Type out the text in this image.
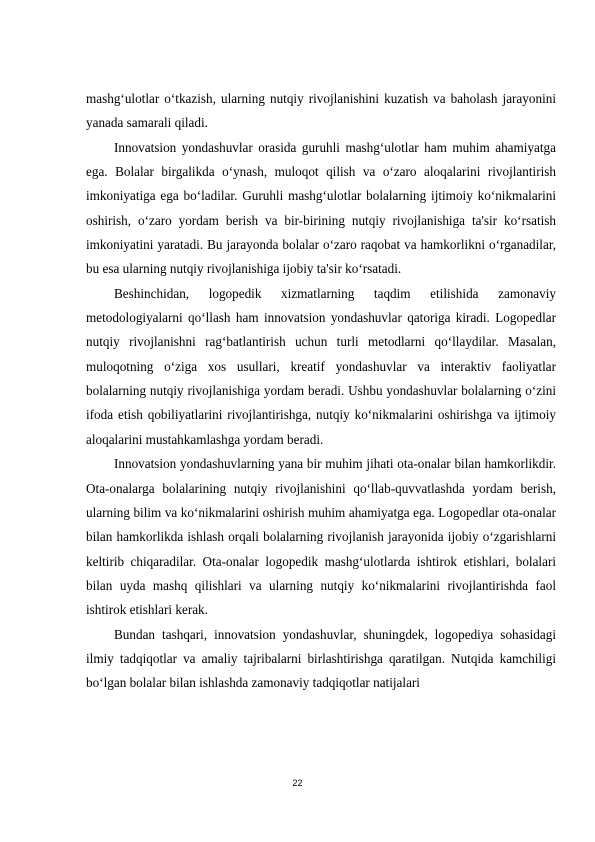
mashg‘ulotlar o‘tkazish, ularning nutqiy rivojlanishini kuzatish va baholash jarayonini yanada samarali qiladi.

Innovatsion yondashuvlar orasida guruhli mashg‘ulotlar ham muhim ahamiyatga ega. Bolalar birgalikda o‘ynash, muloqot qilish va o‘zaro aloqalarini rivojlantirish imkoniyatiga ega bo‘ladilar. Guruhli mashg‘ulotlar bolalarning ijtimoiy ko‘nikmalarini oshirish, o‘zaro yordam berish va bir-birining nutqiy rivojlanishiga ta'sir ko‘rsatish imkoniyatini yaratadi. Bu jarayonda bolalar o‘zaro raqobat va hamkorlikni o‘rganadilar, bu esa ularning nutqiy rivojlanishiga ijobiy ta'sir ko‘rsatadi.

Beshinchidan, logopedik xizmatlarning taqdim etilishida zamonaviy metodologiyalarni qo‘llash ham innovatsion yondashuvlar qatoriga kiradi. Logopedlar nutqiy rivojlanishni rag‘batlantirish uchun turli metodlarni qo‘llaydilar. Masalan, muloqotning o‘ziga xos usullari, kreatif yondashuvlar va interaktiv faoliyatlar bolalarning nutqiy rivojlanishiga yordam beradi. Ushbu yondashuvlar bolalarning o‘zini ifoda etish qobiliyatlarini rivojlantirishga, nutqiy ko‘nikmalarini oshirishga va ijtimoiy aloqalarini mustahkamlashga yordam beradi.

Innovatsion yondashuvlarning yana bir muhim jihati ota-onalar bilan hamkorlikdir. Ota-onalarga bolalarining nutqiy rivojlanishini qo‘llab-quvvatlashda yordam berish, ularning bilim va ko‘nikmalarini oshirish muhim ahamiyatga ega. Logopedlar ota-onalar bilan hamkorlikda ishlash orqali bolalarning rivojlanish jarayonida ijobiy o‘zgarishlarni keltirib chiqaradilar. Ota-onalar logopedik mashg‘ulotlarda ishtirok etishlari, bolalari bilan uyda mashq qilishlari va ularning nutqiy ko‘nikmalarini rivojlantirishda faol ishtirok etishlari kerak.

Bundan tashqari, innovatsion yondashuvlar, shuningdek, logopediya sohasidagi ilmiy tadqiqotlar va amaliy tajribalarni birlashtirishga qaratilgan. Nutqida kamchiligi bo‘lgan bolalar bilan ishlashda zamonaviy tadqiqotlar natijalari

22
